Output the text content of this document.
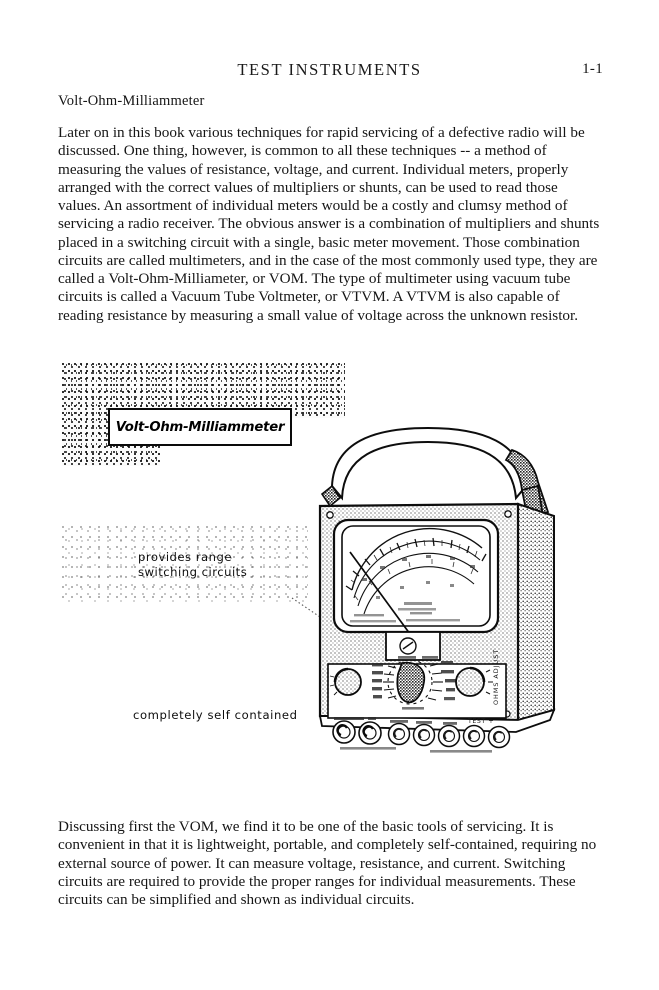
TEST INSTRUMENTS	1-1
Volt-Ohm-Milliammeter

Later on in this book various techniques for rapid servicing of a defective radio will be discussed. One thing, however, is common to all these techniques -- a method of measuring the values of resistance, voltage, and current. Individual meters, properly arranged with the correct values of multipliers or shunts, can be used to read those values. An assortment of individual meters would be a costly and clumsy method of servicing a radio receiver. The obvious answer is a combination of multipliers and shunts placed in a switching circuit with a single, basic meter movement. Those combination circuits are called multimeters, and in the case of the most commonly used type, they are called a Volt-Ohm-Milliameter, or VOM. The type of multimeter using vacuum tube circuits is called a Vacuum Tube Voltmeter, or VTVM. A VTVM is also capable of reading resistance by measuring a small value of voltage across the unknown resistor.

Volt-Ohm-Milliammeter
provides range
switching circuits
completely self contained
OHMS ADJUST
TEST +

Discussing first the VOM, we find it to be one of the basic tools of servicing. It is convenient in that it is lightweight, portable, and completely self-contained, requiring no external source of power. It can measure voltage, resistance, and current. Switching circuits are required to provide the proper ranges for individual measurements. These circuits can be simplified and shown as individual circuits.
